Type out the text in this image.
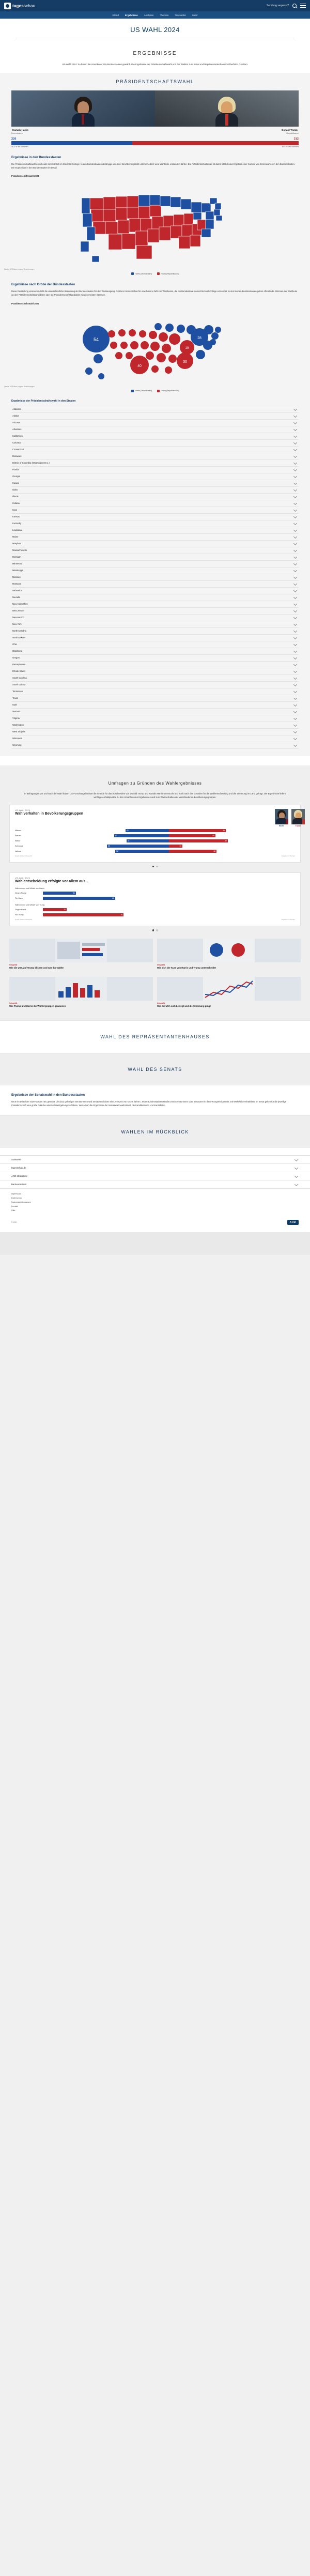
tagesschau	Sendung verpasst?
Inland	Ergebnisse	Analysen	Themen	Newsletter	Mehr
US WAHL 2024
ERGEBNISSE

US-Wahl 2024: So haben die Amerikaner US-Bundesstaaten gewählt. Die Ergebnisse der Präsidentschaftswahl und der Wahlen zum Senat und Repräsentantenhaus im Überblick. Grafiken.

PRÄSIDENTSCHAFTSWAHL
Kamala Harris
Demokraten
Donald Trump
Republikaner
226	312
48,3 % der Stimmen	49,9 % der Stimmen
Ergebnisse in den Bundesstaaten

Die Präsidentschaftswahl entscheidet sich letztlich im Electoral College: In den Bundesstaaten abhängige von ihrer Bevölkerungszahl unterschiedlich viele Wahlleute entsenden dürfen. Die Präsidentschaftswahl ist damit letztlich das Ergebnis einer Summe von Einzelwahlen in den Bundesstaaten. Die Ergebnisse in den Bundesstaaten im Detail.

Präsidentschaftswahl 2024
Quelle: AP/Edison, eigene Berechnungen
Harris (Demokraten)	Trump (Republikaner)
Ergebnisse nach Größe der Bundesstaaten

Diese Darstellung veranschaulicht die unterschiedliche Bedeutung der Bundesstaaten für den Wahlausgang: Größere Kreise stehen für eine höhere Zahl von Wahlleuten, die ein Bundesstaat in das Electoral College entsendet. In den kleinen Bundesstaaten gehen oftmals die Stimmen der Wahlleute an den Präsidentschaftskandidaten oder die Präsidentschaftskandidatin mit den meisten Stimmen.

Präsidentschaftswahl 2024
54	28
19
40
30
Quelle: AP/Edison, eigene Berechnungen
Harris (Demokraten)	Trump (Republikaner)
Ergebnisse der Präsidentschaftswahl in den Staaten
Alabama
Alaska
Arizona
Arkansas
Kalifornien
Colorado
Connecticut
Delaware
District of Columbia (Washington D.C.)
Florida
Georgia
Hawaii
Idaho
Illinois
Indiana
Iowa
Kansas
Kentucky
Louisiana
Maine
Maryland
Massachusetts
Michigan
Minnesota
Mississippi
Missouri
Montana
Nebraska
Nevada
New Hampshire
New Jersey
New Mexico
New York
North Carolina
North Dakota
Ohio
Oklahoma
Oregon
Pennsylvania
Rhode Island
South Carolina
South Dakota
Tennessee
Texas
Utah
Vermont
Virginia
Washington
West Virginia
Wisconsin
Wyoming
Umfragen zu Gründen des Wahlergebnisses

In Befragungen vor und nach der Wahl haben US-Forschungsinstitute die Gründe für das Abschneiden von Donald Trump und Kamala Harris untersucht und auch nach den Gründen für die Wahlentscheidung und die Stimmung im Land gefragt. Die Ergebnisse liefern wichtige Anhaltspunkte zu den Ursachen des Ergebnisses und zum Wahlverhalten der verschiedenen Bevölkerungsgruppen.

US-Wahl 2024
Wahlverhalten in Bevölkerungsgruppen
Harris	Trump
Männer	42	55
Frauen	53	45
Weiße	41	57
Schwarze	85	13
Latinos	52	46
Quelle: Edison Research	Angaben in Prozent
US-Wahl 2024
Wahlentscheidung erfolgte vor allem aus...
Wählerinnen und Wähler von Harris
Gegen Trump	31
Für Harris	68
Wählerinnen und Wähler von Trump
Gegen Harris	22
Für Trump	76
Quelle: Edison Research	Angaben in Prozent
Infografik
Wie die USA auf Trump blicken und wer ihn wählte
Infografik
Wie sich der Kurs von Harris und Trump unterscheidet
Infografik
Wie Trump und Harris die Wählergruppen gewannen
Infografik
Wie die USA sich bewegt und die Stimmung prägt
WAHL DES REPRÄSENTANTENHAUSES
WAHL DES SENATS
Ergebnisse der Senatswahl in den Bundesstaaten

Neue im Drittel der Sitze wurden neu gewählt, die dazu gehörigen Senatorinnen und Senatoren haben eine Amtszeit von sechs Jahren. Jeder Bundesstaat entsendet zwei Senatorinnen oder Senatoren in diese Kongresskammer. Die Mehrheitsverhältnisse im Senat gelten für die jeweilige Präsidentschaft eine große Rolle bei einem Gesetzgebungsverfahren. Wer schon die Ergebnisse der Senatswahl wahrnimmt, die Kandidatinnen und Kandidaten.

WAHLEN IM RÜCKBLICK
Startseite
tagesschau.de
ARD Mediathek
Barrierefreiheit
Impressum
Datenschutz
Nutzungsbedingungen
Kontakt
Hilfe
© ARD	ARD
